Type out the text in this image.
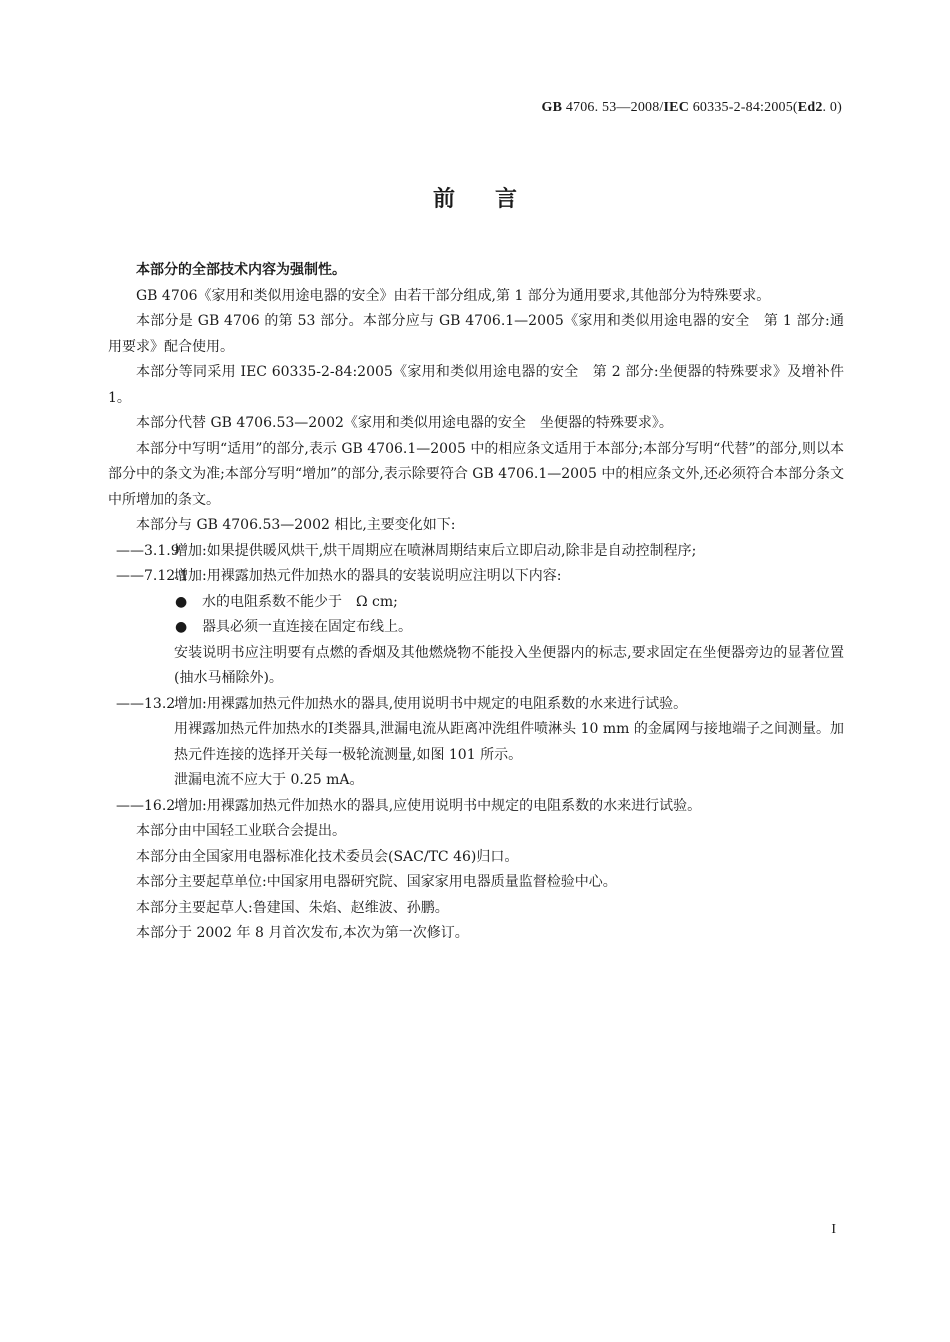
GB 4706. 53—2008/IEC 60335-2-84:2005(Ed2. 0)
前言

本部分的全部技术内容为强制性。

GB 4706《家用和类似用途电器的安全》由若干部分组成,第 1 部分为通用要求,其他部分为特殊要求。

本部分是 GB 4706 的第 53 部分。本部分应与 GB 4706.1—2005《家用和类似用途电器的安全　第 1 部分:通用要求》配合使用。

本部分等同采用 IEC 60335-2-84:2005《家用和类似用途电器的安全　第 2 部分:坐便器的特殊要求》及增补件 1。

本部分代替 GB 4706.53—2002《家用和类似用途电器的安全　坐便器的特殊要求》。

本部分中写明“适用”的部分,表示 GB 4706.1—2005 中的相应条文适用于本部分;本部分写明“代替”的部分,则以本部分中的条文为准;本部分写明“增加”的部分,表示除要符合 GB 4706.1—2005 中的相应条文外,还必须符合本部分条文中所增加的条文。

本部分与 GB 4706.53—2002 相比,主要变化如下:

——3.1.9
增加:如果提供暖风烘干,烘干周期应在喷淋周期结束后立即启动,除非是自动控制程序;

——7.12.1
增加:用裸露加热元件加热水的器具的安装说明应注明以下内容:

● 水的电阻系数不能少于　Ω cm;

● 器具必须一直连接在固定布线上。

安装说明书应注明要有点燃的香烟及其他燃烧物不能投入坐便器内的标志,要求固定在坐便器旁边的显著位置(抽水马桶除外)。

——13.2
增加:用裸露加热元件加热水的器具,使用说明书中规定的电阻系数的水来进行试验。

用裸露加热元件加热水的Ⅰ类器具,泄漏电流从距离冲洗组件喷淋头 10 mm 的金属网与接地端子之间测量。加热元件连接的选择开关每一极轮流测量,如图 101 所示。

泄漏电流不应大于 0.25 mA。

——16.2
增加:用裸露加热元件加热水的器具,应使用说明书中规定的电阻系数的水来进行试验。

本部分由中国轻工业联合会提出。

本部分由全国家用电器标准化技术委员会(SAC/TC 46)归口。

本部分主要起草单位:中国家用电器研究院、国家家用电器质量监督检验中心。

本部分主要起草人:鲁建国、朱焰、赵维波、孙鹏。

本部分于 2002 年 8 月首次发布,本次为第一次修订。

I
